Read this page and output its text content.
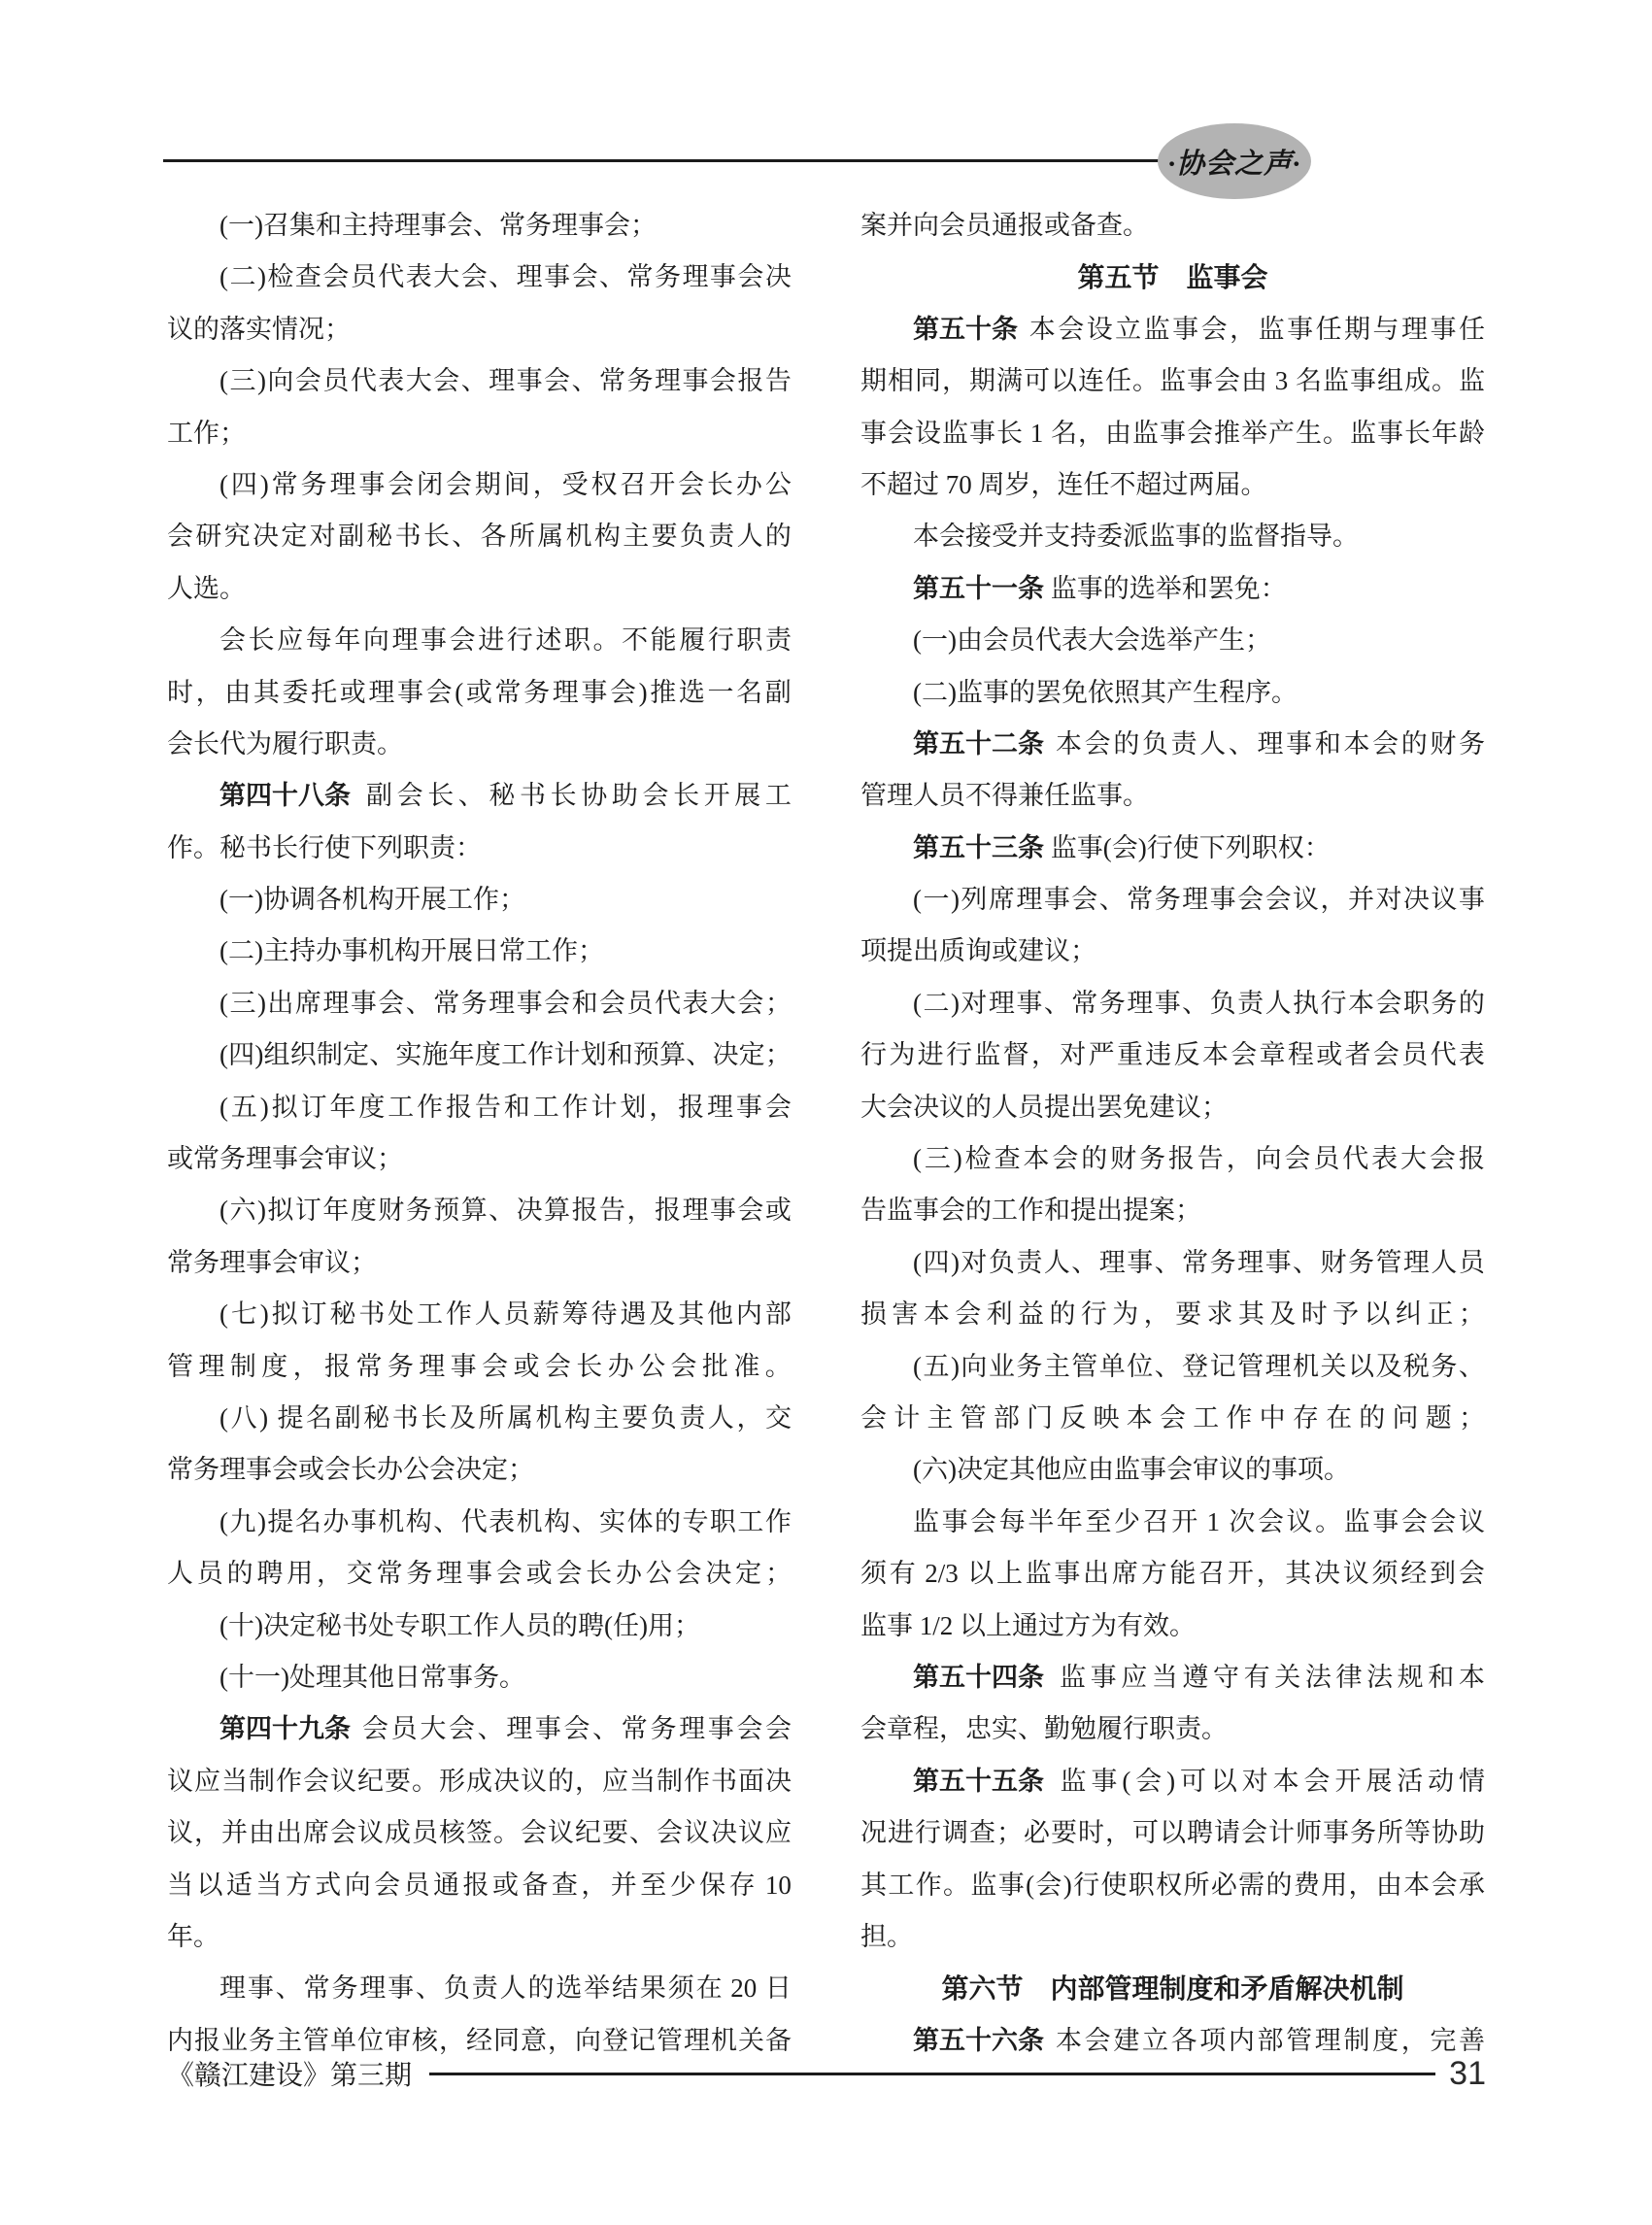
·协会之声·
(一)召集和主持理事会、常务理事会；
( 二 ) 检 查 会 员 代 表 大 会 、 理 事 会 、 常 务 理 事 会 决
议的落实情况；
( 三 ) 向 会 员 代 表 大 会 、 理 事 会 、 常 务 理 事 会 报 告
工作；
( 四 ) 常 务 理 事 会 闭 会 期 间 ， 受 权 召 开 会 长 办 公
会 研 究 决 定 对 副 秘 书 长 、 各 所 属 机 构 主 要 负 责 人 的
人选。
会 长 应 每 年 向 理 事 会 进 行 述 职 。 不 能 履 行 职 责
时 ， 由 其 委 托 或 理 事 会 ( 或 常 务 理 事 会 ) 推 选 一 名 副
会长代为履行职责。
第四十八条
副 会 长 、 秘 书 长 协 助 会 长 开 展 工
作。秘书长行使下列职责：
(一)协调各机构开展工作；
(二)主持办事机构开展日常工作；
( 三 ) 出 席 理 事 会 、 常 务 理 事 会 和 会 员 代 表 大 会 ；
( 四 ) 组 织 制 定 、 实 施 年 度 工 作 计 划 和 预 算 、 决 定 ；
( 五 ) 拟 订 年 度 工 作 报 告 和 工 作 计 划 ， 报 理 事 会
或常务理事会审议；
( 六 ) 拟 订 年 度 财 务 预 算 、 决 算 报 告 ， 报 理 事 会 或
常务理事会审议；
( 七 ) 拟 订 秘 书 处 工 作 人 员 薪 筹 待 遇 及 其 他 内 部
管 理 制 度 ， 报 常 务 理 事 会 或 会 长 办 公 会 批 准 。
( 八 ) 提 名 副 秘 书 长 及 所 属 机 构 主 要 负 责 人 ， 交
常务理事会或会长办公会决定；
( 九 ) 提 名 办 事 机 构 、 代 表 机 构 、 实 体 的 专 职 工 作
人 员 的 聘 用 ， 交 常 务 理 事 会 或 会 长 办 公 会 决 定 ；
(十)决定秘书处专职工作人员的聘(任)用；
(十一)处理其他日常事务。
第四十九条
会 员 大 会 、 理 事 会 、 常 务 理 事 会 会
议 应 当 制 作 会 议 纪 要 。 形 成 决 议 的 ， 应 当 制 作 书 面 决
议 ， 并 由 出 席 会 议 成 员 核 签 。 会 议 纪 要 、 会 议 决 议 应
当 以 适 当 方 式 向 会 员 通 报 或 备 查 ， 并 至 少 保 存 10
年。
理 事 、 常 务 理 事 、 负 责 人 的 选 举 结 果 须 在 20 日
内 报 业 务 主 管 单 位 审 核 ， 经 同 意 ， 向 登 记 管 理 机 关 备
案并向会员通报或备查。
第五节　监事会
第五十条
本 会 设 立 监 事 会 ， 监 事 任 期 与 理 事 任
期 相 同 ， 期 满 可 以 连 任 。 监 事 会 由 3 名 监 事 组 成 。 监
事 会 设 监 事 长 1 名 ， 由 监 事 会 推 举 产 生 。 监 事 长 年 龄
不超过 70 周岁，连任不超过两届。
本会接受并支持委派监事的监督指导。
第五十一条 监事的选举和罢免：
(一)由会员代表大会选举产生；
(二)监事的罢免依照其产生程序。
第五十二条
本 会 的 负 责 人 、 理 事 和 本 会 的 财 务
管理人员不得兼任监事。
第五十三条 监事(会)行使下列职权：
( 一 ) 列 席 理 事 会 、 常 务 理 事 会 会 议 ， 并 对 决 议 事
项提出质询或建议；
( 二 ) 对 理 事 、 常 务 理 事 、 负 责 人 执 行 本 会 职 务 的
行 为 进 行 监 督 ， 对 严 重 违 反 本 会 章 程 或 者 会 员 代 表
大会决议的人员提出罢免建议；
( 三 ) 检 查 本 会 的 财 务 报 告 ， 向 会 员 代 表 大 会 报
告监事会的工作和提出提案；
( 四 ) 对 负 责 人 、 理 事 、 常 务 理 事 、 财 务 管 理 人 员
损 害 本 会 利 益 的 行 为 ， 要 求 其 及 时 予 以 纠 正 ；
( 五 ) 向 业 务 主 管 单 位 、 登 记 管 理 机 关 以 及 税 务 、
会 计 主 管 部 门 反 映 本 会 工 作 中 存 在 的 问 题 ；
(六)决定其他应由监事会审议的事项。
监 事 会 每 半 年 至 少 召 开 1 次 会 议 。 监 事 会 会 议
须 有 2/3 以 上 监 事 出 席 方 能 召 开 ， 其 决 议 须 经 到 会
监事 1/2 以上通过方为有效。
第五十四条
监 事 应 当 遵 守 有 关 法 律 法 规 和 本
会章程，忠实、勤勉履行职责。
第五十五条
监 事 ( 会 ) 可 以 对 本 会 开 展 活 动 情
况 进 行 调 查 ； 必 要 时 ， 可 以 聘 请 会 计 师 事 务 所 等 协 助
其 工 作 。 监 事 ( 会 ) 行 使 职 权 所 必 需 的 费 用 ， 由 本 会 承
担。
第六节　内部管理制度和矛盾解决机制
第五十六条
本 会 建 立 各 项 内 部 管 理 制 度 ， 完 善
《赣江建设》第三期	31
